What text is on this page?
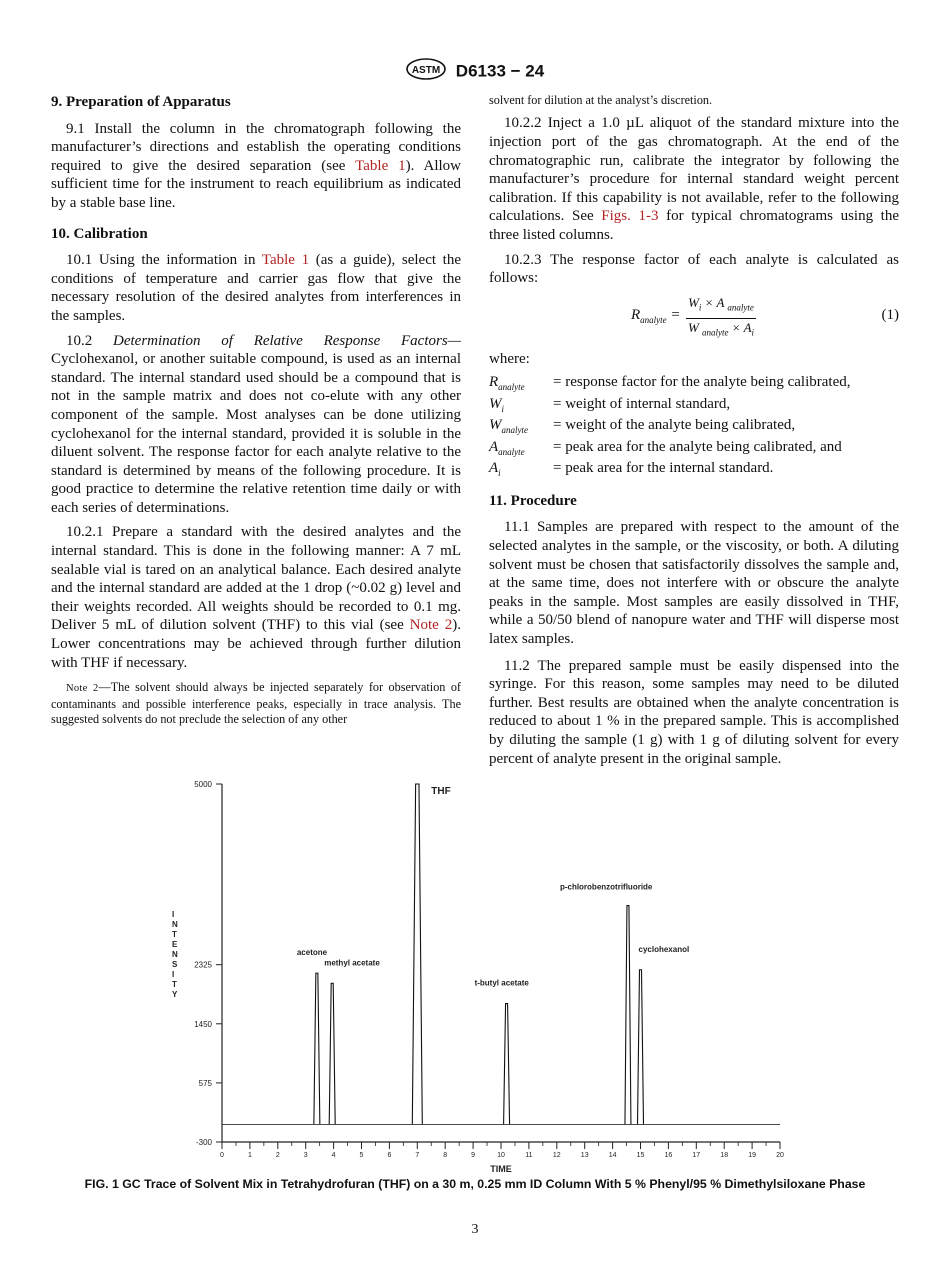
ASTM D6133 − 24
9. Preparation of Apparatus

9.1 Install the column in the chromatograph following the manufacturer’s directions and establish the operating conditions required to give the desired separation (see Table 1). Allow sufficient time for the instrument to reach equilibrium as indicated by a stable base line.

10. Calibration

10.1 Using the information in Table 1 (as a guide), select the conditions of temperature and carrier gas flow that give the necessary resolution of the desired analytes from interferences in the samples.

10.2 Determination of Relative Response Factors—Cyclohexanol, or another suitable compound, is used as an internal standard. The internal standard used should be a compound that is not in the sample matrix and does not co-elute with any other component of the sample. Most analyses can be done utilizing cyclohexanol for the internal standard, provided it is soluble in the diluent solvent. The response factor for each analyte relative to the standard is determined by means of the following procedure. It is good practice to determine the relative retention time daily or with each series of determinations.

10.2.1 Prepare a standard with the desired analytes and the internal standard. This is done in the following manner: A 7 mL sealable vial is tared on an analytical balance. Each desired analyte and the internal standard are added at the 1 drop (~0.02 g) level and their weights recorded. All weights should be recorded to 0.1 mg. Deliver 5 mL of dilution solvent (THF) to this vial (see Note 2). Lower concentrations may be achieved through further dilution with THF if necessary.

Note 2—The solvent should always be injected separately for observation of contaminants and possible interference peaks, especially in trace analysis. The suggested solvents do not preclude the selection of any other

solvent for dilution at the analyst’s discretion.

10.2.2 Inject a 1.0 µL aliquot of the standard mixture into the injection port of the gas chromatograph. At the end of the chromatographic run, calibrate the integrator by following the manufacturer’s procedure for internal standard weight percent calibration. If this capability is not available, refer to the following calculations. See Figs. 1-3 for typical chromatograms using the three listed columns.

10.2.3 The response factor of each analyte is calculated as follows:

$R_{analyte}$ =
$W_i \times A$ $_{analyte}$
W $_{analyte} \times A_i$
(1)

where:

$R_{analyte}$	= response factor for the analyte being calibrated,
$W_i$	= weight of internal standard,
$W_{analyte}$	= weight of the analyte being calibrated,
$A_{analyte}$	= peak area for the analyte being calibrated, and
$A_i$	= peak area for the internal standard.
11. Procedure

11.1 Samples are prepared with respect to the amount of the selected analytes in the sample, or the viscosity, or both. A diluting solvent must be chosen that satisfactorily dissolves the sample and, at the same time, does not interfere with or obscure the analyte peaks in the sample. Most samples are easily dissolved in THF, while a 50/50 blend of nanopure water and THF will disperse most latex samples.

11.2 The prepared sample must be easily dispensed into the syringe. For this reason, some samples may need to be diluted further. Best results are obtained when the analyte concentration is reduced to about 1 % in the prepared sample. This is accomplished by diluting the sample (1 g) with 1 g of diluting solvent for every percent of analyte present in the original sample.

5000
2325
1450
575
-300
0	1	2	3	4	5	6	7	8	9	10	11	12	13	14	15	16	17	18	19	20
TIME
I N T E N S I T Y
acetone
methyl acetate
THF
t-butyl acetate
p-chlorobenzotrifluoride
cyclohexanol
FIG. 1 GC Trace of Solvent Mix in Tetrahydrofuran (THF) on a 30 m, 0.25 mm ID Column With 5 % Phenyl/95 % Dimethylsiloxane Phase
3
